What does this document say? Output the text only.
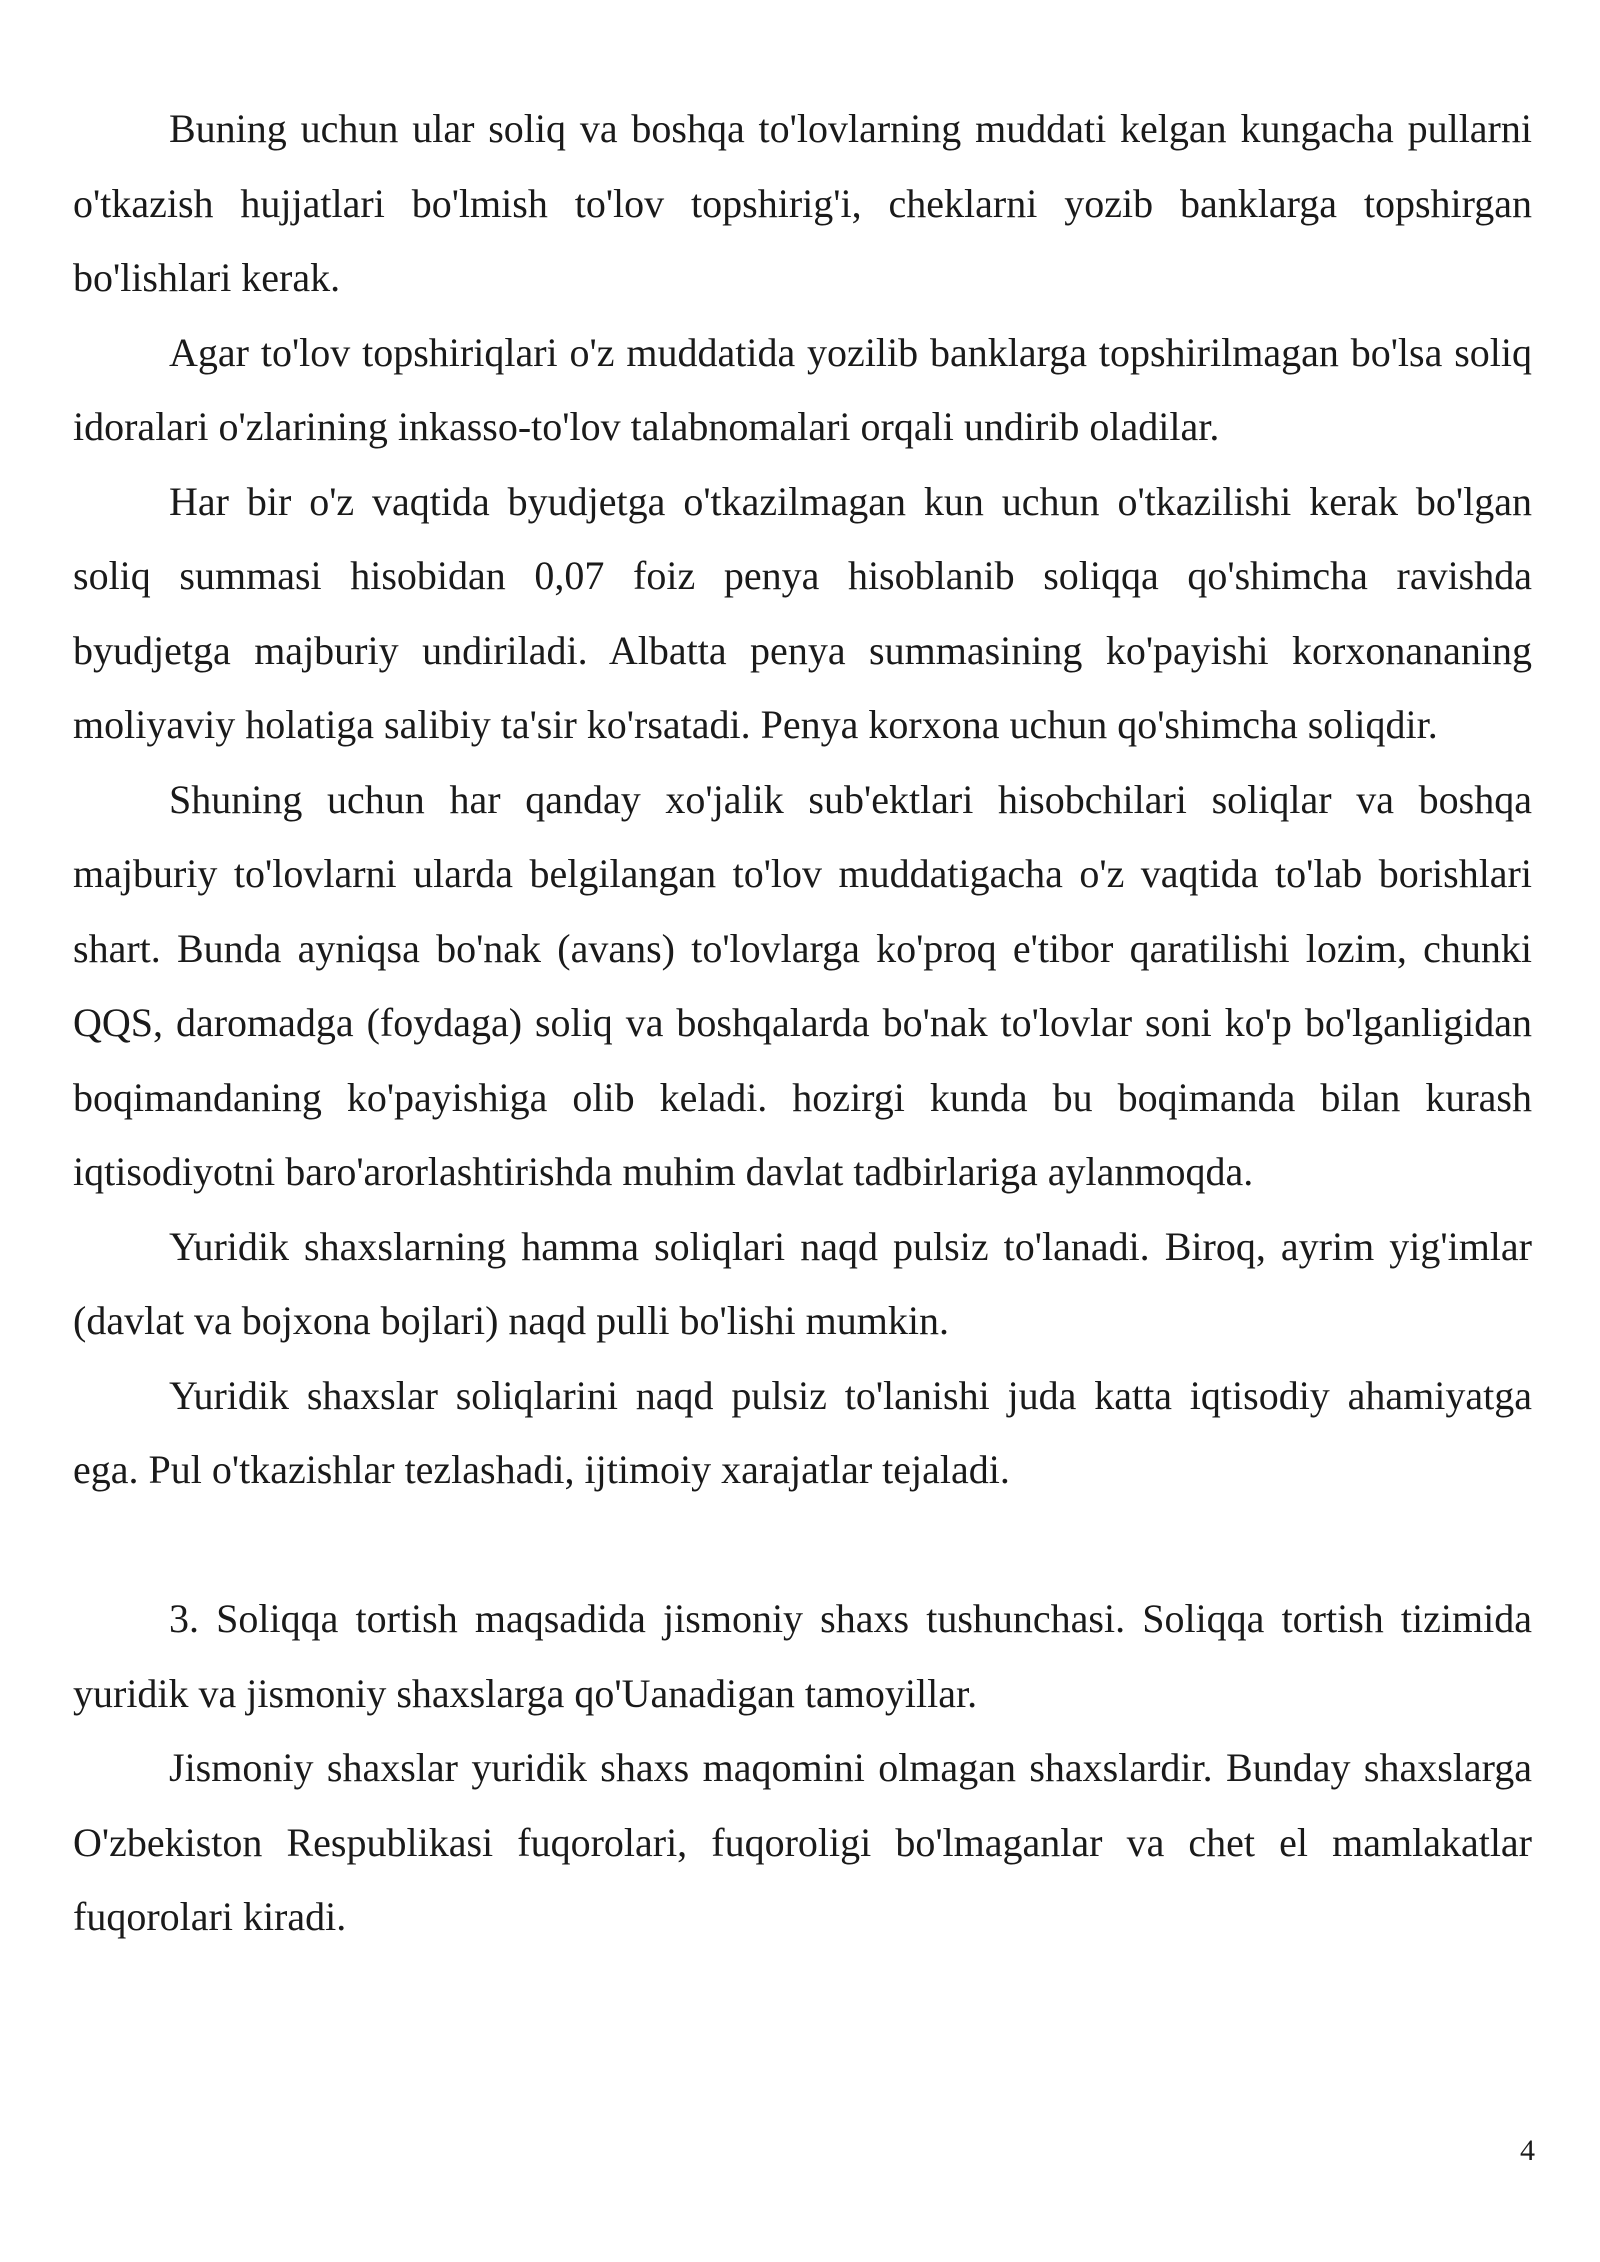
Buning uchun ular soliq va boshqa to'lovlarning muddati kelgan kungacha pullarni o'tkazish hujjatlari bo'lmish to'lov topshirig'i, cheklarni yozib banklarga topshirgan bo'lishlari kerak.

Agar to'lov topshiriqlari o'z muddatida yozilib banklarga topshirilmagan bo'lsa soliq idoralari o'zlarining inkasso-to'lov talabnomalari orqali undirib oladilar.

Har bir o'z vaqtida byudjetga o'tkazilmagan kun uchun o'tkazilishi kerak bo'lgan soliq summasi hisobidan 0,07 foiz penya hisoblanib soliqqa qo'shimcha ravishda byudjetga majburiy undiriladi. Albatta penya summasining ko'payishi korxonananing moliyaviy holatiga salibiy ta'sir ko'rsatadi. Penya korxona uchun qo'shimcha soliqdir.

Shuning uchun har qanday xo'jalik sub'ektlari hisobchilari soliqlar va boshqa majburiy to'lovlarni ularda belgilangan to'lov muddatigacha o'z vaqtida to'lab borishlari shart. Bunda ayniqsa bo'nak (avans) to'lovlarga ko'proq e'tibor qaratilishi lozim, chunki QQS, daromadga (foydaga) soliq va boshqalarda bo'nak to'lovlar soni ko'p bo'lganligidan boqimandaning ko'payishiga olib keladi. hozirgi kunda bu boqimanda bilan kurash iqtisodiyotni baro'arorlashtirishda muhim davlat tadbirlariga aylanmoqda.

Yuridik shaxslarning hamma soliqlari naqd pulsiz to'lanadi. Biroq, ayrim yig'imlar (davlat va bojxona bojlari) naqd pulli bo'lishi mumkin.

Yuridik shaxslar soliqlarini naqd pulsiz to'lanishi juda katta iqtisodiy ahamiyatga ega. Pul o'tkazishlar tezlashadi, ijtimoiy xarajatlar tejaladi.

3. Soliqqa tortish maqsadida jismoniy shaxs tushunchasi. Soliqqa tortish tizimida yuridik va jismoniy shaxslarga qo'Uanadigan tamoyillar.

Jismoniy shaxslar yuridik shaxs maqomini olmagan shaxslardir. Bunday shaxslarga O'zbekiston Respublikasi fuqorolari, fuqoroligi bo'lmaganlar va chet el mamlakatlar fuqorolari kiradi.

4
